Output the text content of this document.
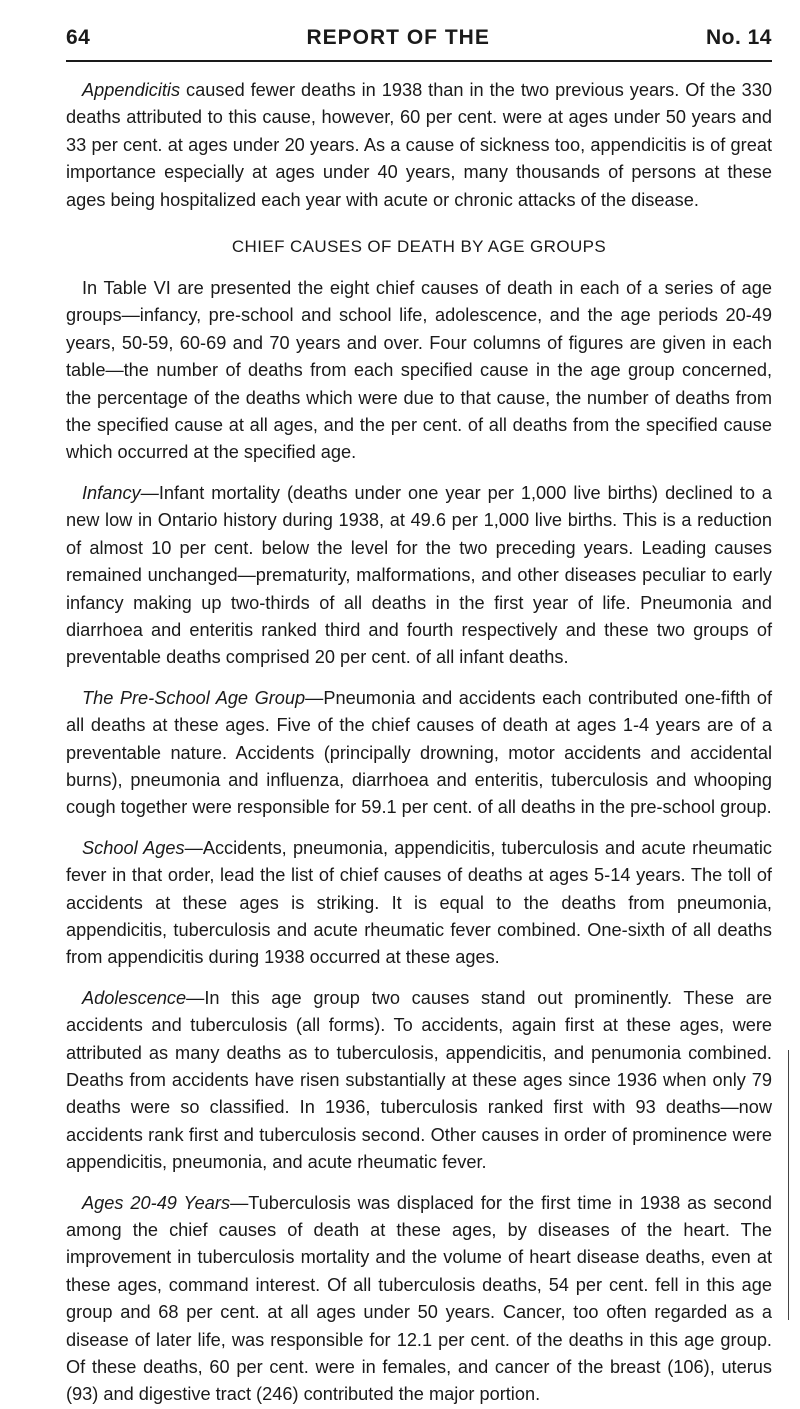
64	REPORT OF THE	No. 14

Appendicitis caused fewer deaths in 1938 than in the two previous years. Of the 330 deaths attributed to this cause, however, 60 per cent. were at ages under 50 years and 33 per cent. at ages under 20 years. As a cause of sickness too, appendicitis is of great importance especially at ages under 40 years, many thousands of persons at these ages being hospitalized each year with acute or chronic attacks of the disease.

CHIEF CAUSES OF DEATH BY AGE GROUPS

In Table VI are presented the eight chief causes of death in each of a series of age groups—infancy, pre-school and school life, adolescence, and the age periods 20-49 years, 50-59, 60-69 and 70 years and over. Four columns of figures are given in each table—the number of deaths from each specified cause in the age group concerned, the percentage of the deaths which were due to that cause, the number of deaths from the specified cause at all ages, and the per cent. of all deaths from the specified cause which occurred at the specified age.

Infancy—Infant mortality (deaths under one year per 1,000 live births) declined to a new low in Ontario history during 1938, at 49.6 per 1,000 live births. This is a reduction of almost 10 per cent. below the level for the two preceding years. Leading causes remained unchanged—prematurity, malformations, and other diseases peculiar to early infancy making up two-thirds of all deaths in the first year of life. Pneumonia and diarrhoea and enteritis ranked third and fourth respectively and these two groups of preventable deaths comprised 20 per cent. of all infant deaths.

The Pre-School Age Group—Pneumonia and accidents each contributed one-fifth of all deaths at these ages. Five of the chief causes of death at ages 1-4 years are of a preventable nature. Accidents (principally drowning, motor accidents and accidental burns), pneumonia and influenza, diarrhoea and enteritis, tuberculosis and whooping cough together were responsible for 59.1 per cent. of all deaths in the pre-school group.

School Ages—Accidents, pneumonia, appendicitis, tuberculosis and acute rheumatic fever in that order, lead the list of chief causes of deaths at ages 5-14 years. The toll of accidents at these ages is striking. It is equal to the deaths from pneumonia, appendicitis, tuberculosis and acute rheumatic fever combined. One-sixth of all deaths from appendicitis during 1938 occurred at these ages.

Adolescence—In this age group two causes stand out prominently. These are accidents and tuberculosis (all forms). To accidents, again first at these ages, were attributed as many deaths as to tuberculosis, appendicitis, and penumonia combined. Deaths from accidents have risen substantially at these ages since 1936 when only 79 deaths were so classified. In 1936, tuberculosis ranked first with 93 deaths—now accidents rank first and tuberculosis second. Other causes in order of prominence were appendicitis, pneumonia, and acute rheumatic fever.

Ages 20-49 Years—Tuberculosis was displaced for the first time in 1938 as second among the chief causes of death at these ages, by diseases of the heart. The improvement in tuberculosis mortality and the volume of heart disease deaths, even at these ages, command interest. Of all tuberculosis deaths, 54 per cent. fell in this age group and 68 per cent. at all ages under 50 years. Cancer, too often regarded as a disease of later life, was responsible for 12.1 per cent. of the deaths in this age group. Of these deaths, 60 per cent. were in females, and cancer of the breast (106), uterus (93) and digestive tract (246) contributed the major portion.
